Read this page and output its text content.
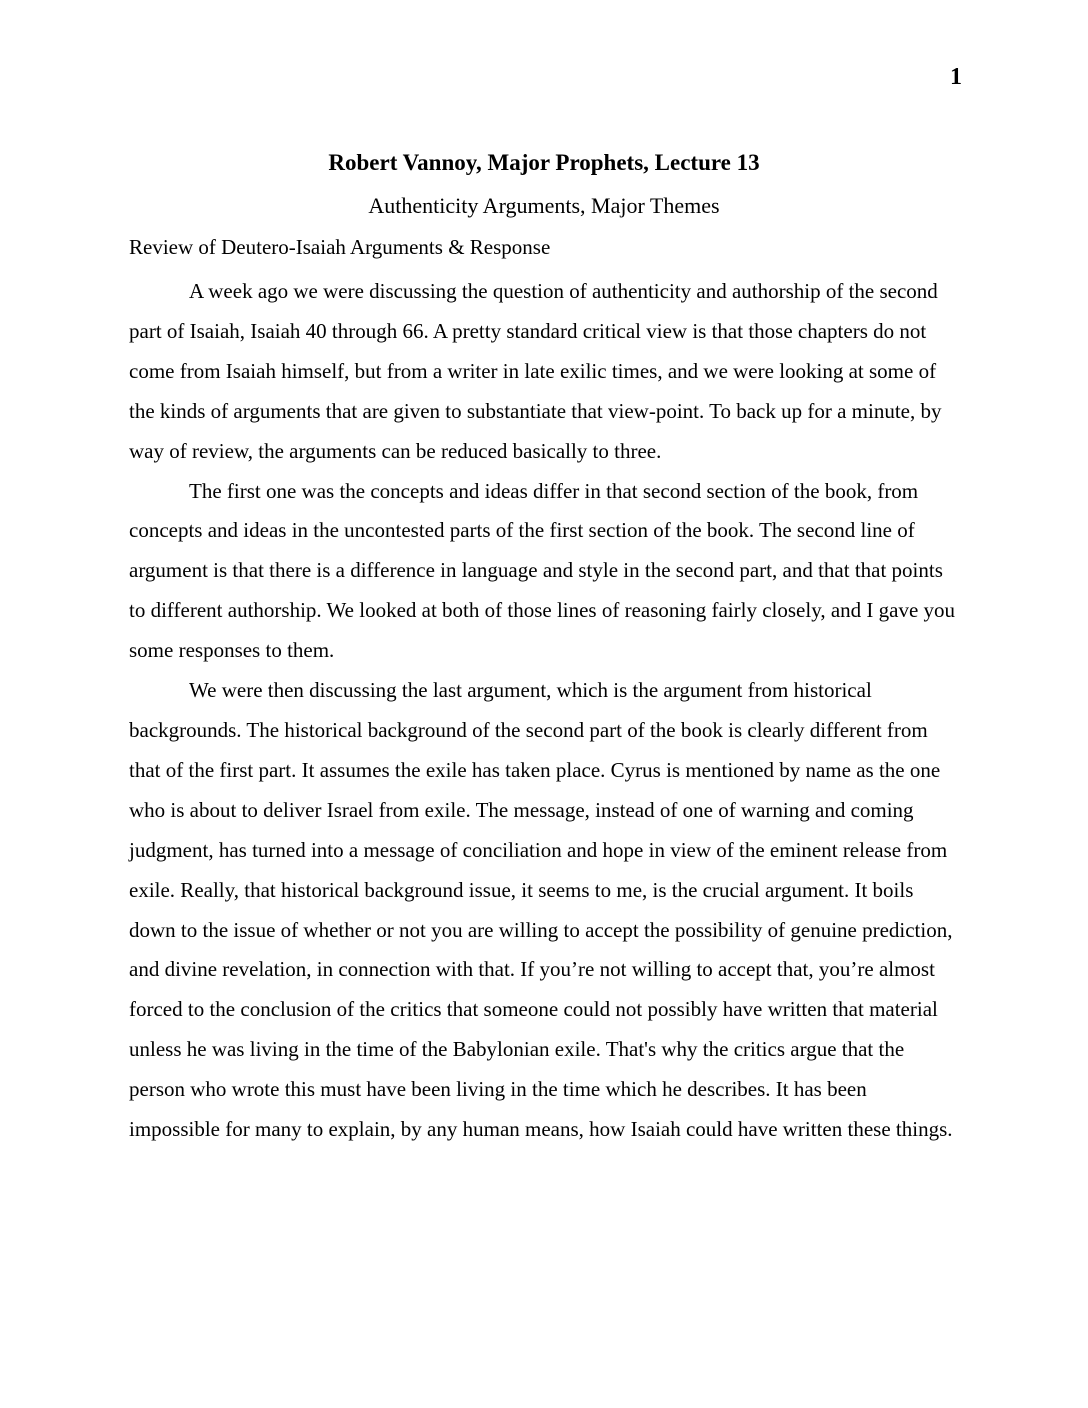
1
Robert Vannoy, Major Prophets, Lecture 13
Authenticity Arguments, Major Themes
Review of Deutero-Isaiah Arguments & Response

A week ago we were discussing the question of authenticity and authorship of the second part of Isaiah, Isaiah 40 through 66. A pretty standard critical view is that those chapters do not come from Isaiah himself, but from a writer in late exilic times, and we were looking at some of the kinds of arguments that are given to substantiate that view-point. To back up for a minute, by way of review, the arguments can be reduced basically to three.

The first one was the concepts and ideas differ in that second section of the book, from concepts and ideas in the uncontested parts of the first section of the book. The second line of argument is that there is a difference in language and style in the second part, and that that points to different authorship. We looked at both of those lines of reasoning fairly closely, and I gave you some responses to them.

We were then discussing the last argument, which is the argument from historical backgrounds. The historical background of the second part of the book is clearly different from that of the first part. It assumes the exile has taken place. Cyrus is mentioned by name as the one who is about to deliver Israel from exile. The message, instead of one of warning and coming judgment, has turned into a message of conciliation and hope in view of the eminent release from exile. Really, that historical background issue, it seems to me, is the crucial argument. It boils down to the issue of whether or not you are willing to accept the possibility of genuine prediction, and divine revelation, in connection with that. If you’re not willing to accept that, you’re almost forced to the conclusion of the critics that someone could not possibly have written that material unless he was living in the time of the Babylonian exile. That's why the critics argue that the person who wrote this must have been living in the time which he describes. It has been impossible for many to explain, by any human means, how Isaiah could have written these things.
